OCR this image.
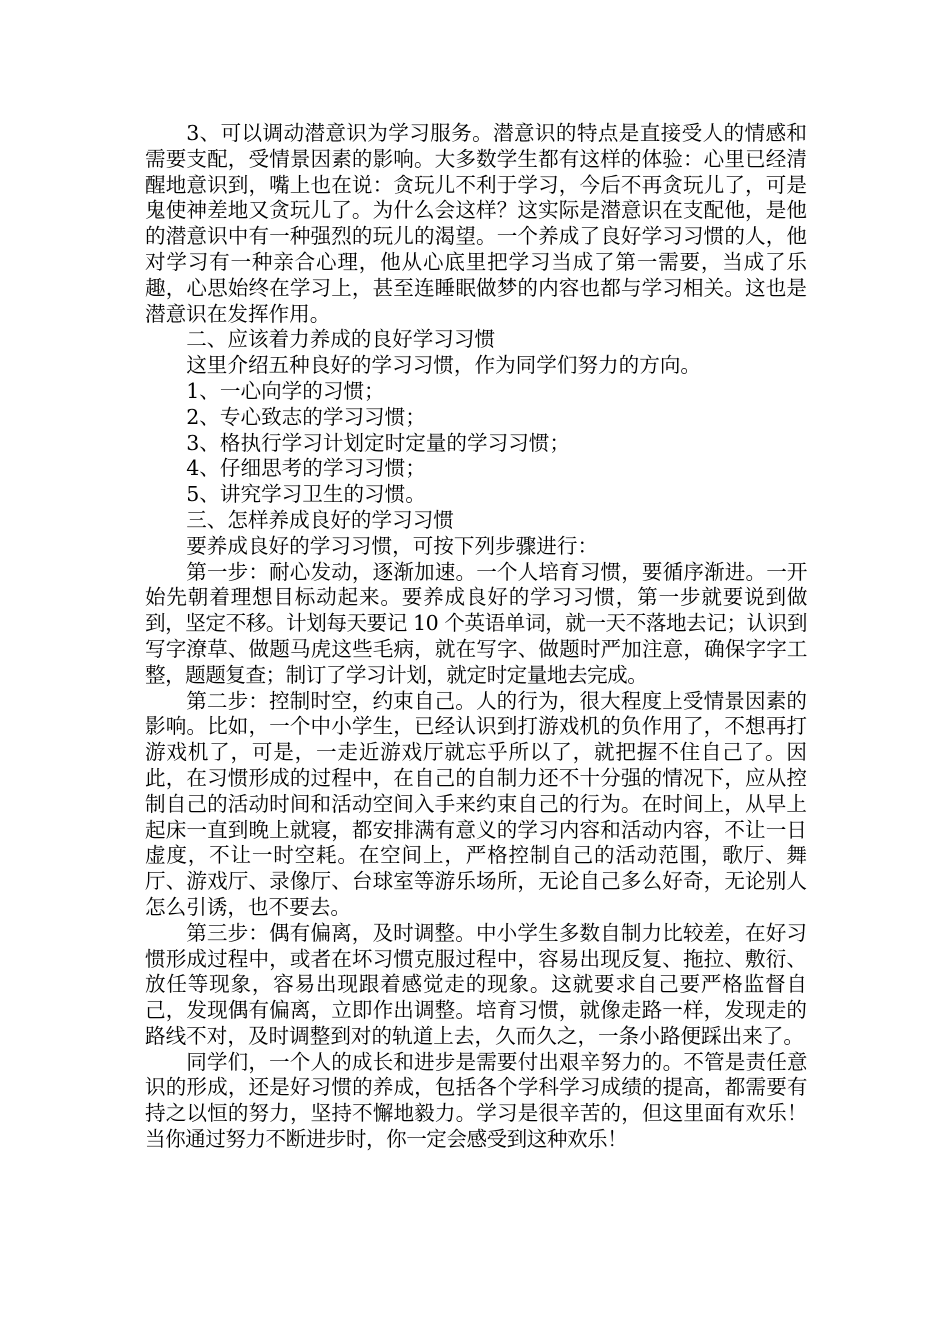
3、可以调动潜意识为学习服务。潜意识的特点是直接受人的情感和需要支配，受情景因素的影响。大多数学生都有这样的体验：心里已经清醒地意识到，嘴上也在说：贪玩儿不利于学习，今后不再贪玩儿了，可是鬼使神差地又贪玩儿了。为什么会这样？这实际是潜意识在支配他，是他的潜意识中有一种强烈的玩儿的渴望。一个养成了良好学习习惯的人，他对学习有一种亲合心理，他从心底里把学习当成了第一需要，当成了乐趣，心思始终在学习上，甚至连睡眠做梦的内容也都与学习相关。这也是潜意识在发挥作用。

二、应该着力养成的良好学习习惯

这里介绍五种良好的学习习惯，作为同学们努力的方向。

1、一心向学的习惯；

2、专心致志的学习习惯；

3、格执行学习计划定时定量的学习习惯；

4、仔细思考的学习习惯；

5、讲究学习卫生的习惯。

三、怎样养成良好的学习习惯

要养成良好的学习习惯，可按下列步骤进行：

第一步：耐心发动，逐渐加速。一个人培育习惯，要循序渐进。一开始先朝着理想目标动起来。要养成良好的学习习惯，第一步就要说到做到，坚定不移。计划每天要记 10 个英语单词，就一天不落地去记；认识到写字潦草、做题马虎这些毛病，就在写字、做题时严加注意，确保字字工整，题题复查；制订了学习计划，就定时定量地去完成。

第二步：控制时空，约束自己。人的行为，很大程度上受情景因素的影响。比如，一个中小学生，已经认识到打游戏机的负作用了，不想再打游戏机了，可是，一走近游戏厅就忘乎所以了，就把握不住自己了。因此，在习惯形成的过程中，在自己的自制力还不十分强的情况下，应从控制自己的活动时间和活动空间入手来约束自己的行为。在时间上，从早上起床一直到晚上就寝，都安排满有意义的学习内容和活动内容，不让一日虚度，不让一时空耗。在空间上，严格控制自己的活动范围，歌厅、舞厅、游戏厅、录像厅、台球室等游乐场所，无论自己多么好奇，无论别人怎么引诱，也不要去。

第三步：偶有偏离，及时调整。中小学生多数自制力比较差，在好习惯形成过程中，或者在坏习惯克服过程中，容易出现反复、拖拉、敷衍、放任等现象，容易出现跟着感觉走的现象。这就要求自己要严格监督自己，发现偶有偏离，立即作出调整。培育习惯，就像走路一样，发现走的路线不对，及时调整到对的轨道上去，久而久之，一条小路便踩出来了。

同学们，一个人的成长和进步是需要付出艰辛努力的。不管是责任意识的形成，还是好习惯的养成，包括各个学科学习成绩的提高，都需要有持之以恒的努力，坚持不懈地毅力。学习是很辛苦的，但这里面有欢乐！当你通过努力不断进步时，你一定会感受到这种欢乐！
